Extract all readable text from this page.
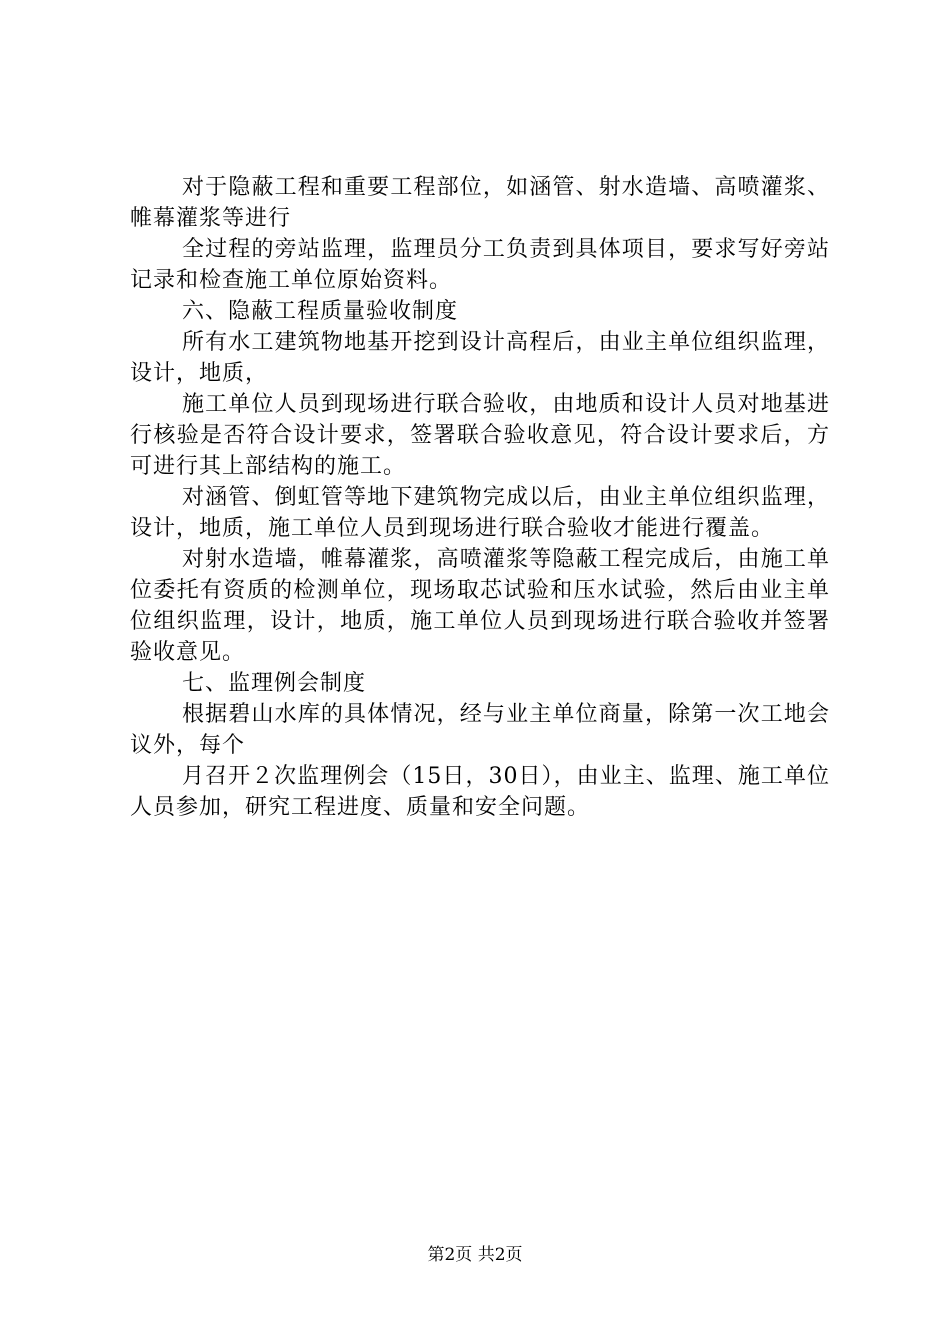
对于隐蔽工程和重要工程部位，如涵管、射水造墙、高喷灌浆、帷幕灌浆等进行

全过程的旁站监理，监理员分工负责到具体项目，要求写好旁站记录和检查施工单位原始资料。

六、隐蔽工程质量验收制度

所有水工建筑物地基开挖到设计高程后，由业主单位组织监理，设计，地质，

施工单位人员到现场进行联合验收，由地质和设计人员对地基进行核验是否符合设计要求，签署联合验收意见，符合设计要求后，方可进行其上部结构的施工。

对涵管、倒虹管等地下建筑物完成以后，由业主单位组织监理，设计，地质，施工单位人员到现场进行联合验收才能进行覆盖。

对射水造墙，帷幕灌浆，高喷灌浆等隐蔽工程完成后，由施工单位委托有资质的检测单位，现场取芯试验和压水试验，然后由业主单位组织监理，设计，地质，施工单位人员到现场进行联合验收并签署验收意见。

七、监理例会制度

根据碧山水库的具体情况，经与业主单位商量，除第一次工地会议外，每个

月召开２次监理例会（15日，30日），由业主、监理、施工单位人员参加，研究工程进度、质量和安全问题。

第2页 共2页
